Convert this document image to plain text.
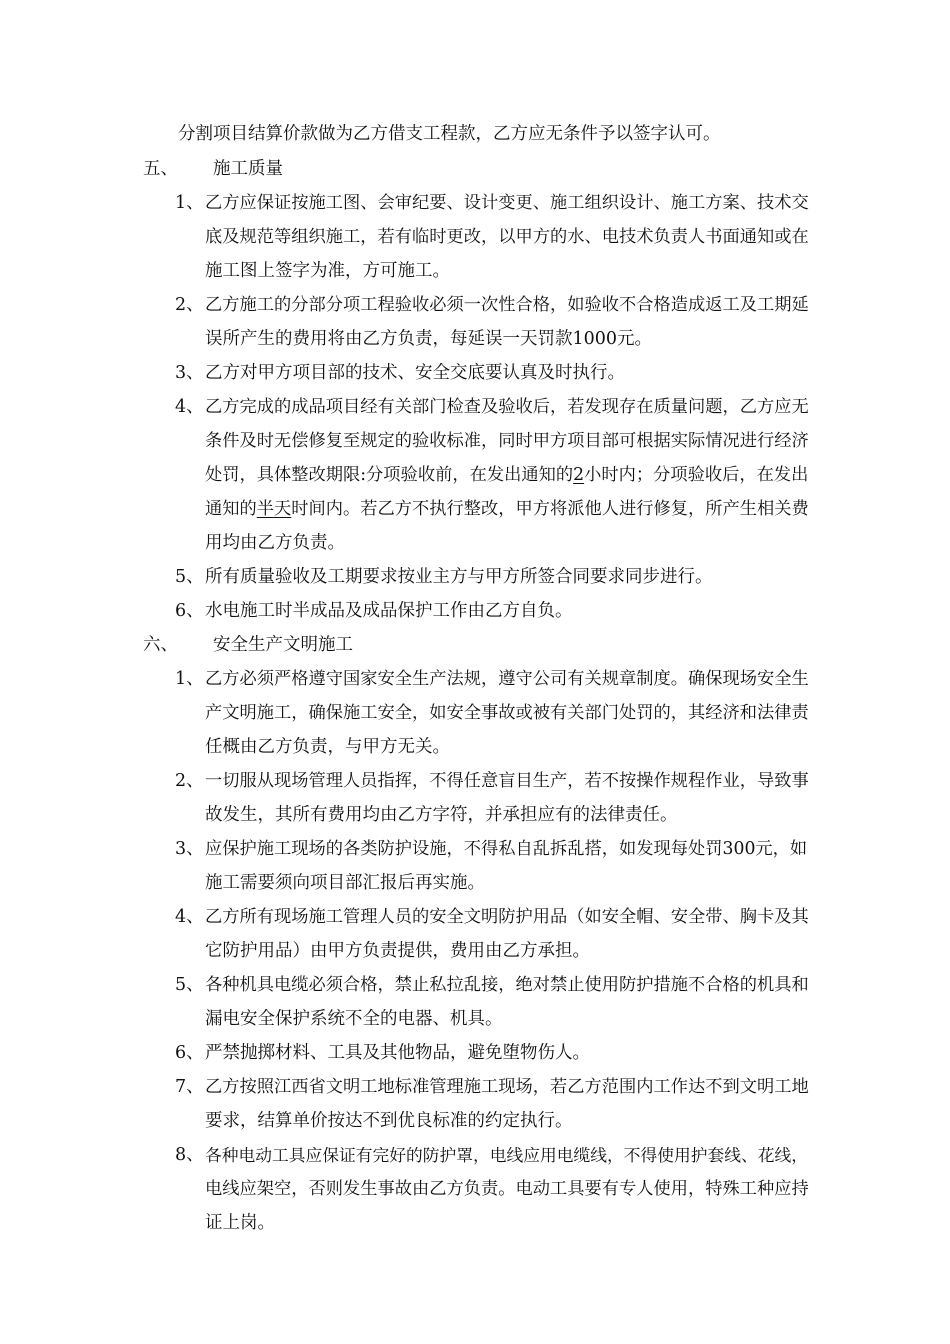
分割项目结算价款做为乙方借支工程款，乙方应无条件予以签字认可。
五、 施工质量
1、 乙方应保证按施工图、会审纪要、设计变更、施工组织设计、施工方案、技术交
底及规范等组织施工，若有临时更改，以甲方的水、电技术负责人书面通知或在
施工图上签字为准，方可施工。
2、 乙方施工的分部分项工程验收必须一次性合格，如验收不合格造成返工及工期延
误所产生的费用将由乙方负责，每延误一天罚款1000元。
3、 乙方对甲方项目部的技术、安全交底要认真及时执行。
4、 乙方完成的成品项目经有关部门检查及验收后，若发现存在质量问题，乙方应无
条件及时无偿修复至规定的验收标准，同时甲方项目部可根据实际情况进行经济
处罚，具体整改期限:分项验收前，在发出通知的2小时内；分项验收后，在发出
通知的半天时间内。若乙方不执行整改，甲方将派他人进行修复，所产生相关费
用均由乙方负责。
5、 所有质量验收及工期要求按业主方与甲方所签合同要求同步进行。
6、 水电施工时半成品及成品保护工作由乙方自负。
六、 安全生产文明施工
1、 乙方必须严格遵守国家安全生产法规，遵守公司有关规章制度。确保现场安全生
产文明施工，确保施工安全，如安全事故或被有关部门处罚的，其经济和法律责
任概由乙方负责，与甲方无关。
2、 一切服从现场管理人员指挥，不得任意盲目生产，若不按操作规程作业，导致事
故发生，其所有费用均由乙方字符，并承担应有的法律责任。
3、 应保护施工现场的各类防护设施，不得私自乱拆乱搭，如发现每处罚300元，如
施工需要须向项目部汇报后再实施。
4、 乙方所有现场施工管理人员的安全文明防护用品（如安全帽、安全带、胸卡及其
它防护用品）由甲方负责提供，费用由乙方承担。
5、 各种机具电缆必须合格，禁止私拉乱接，绝对禁止使用防护措施不合格的机具和
漏电安全保护系统不全的电器、机具。
6、 严禁抛掷材料、工具及其他物品，避免堕物伤人。
7、 乙方按照江西省文明工地标准管理施工现场，若乙方范围内工作达不到文明工地
要求，结算单价按达不到优良标准的约定执行。
8、 各种电动工具应保证有完好的防护罩，电线应用电缆线，不得使用护套线、花线，
电线应架空，否则发生事故由乙方负责。电动工具要有专人使用，特殊工种应持
证上岗。
